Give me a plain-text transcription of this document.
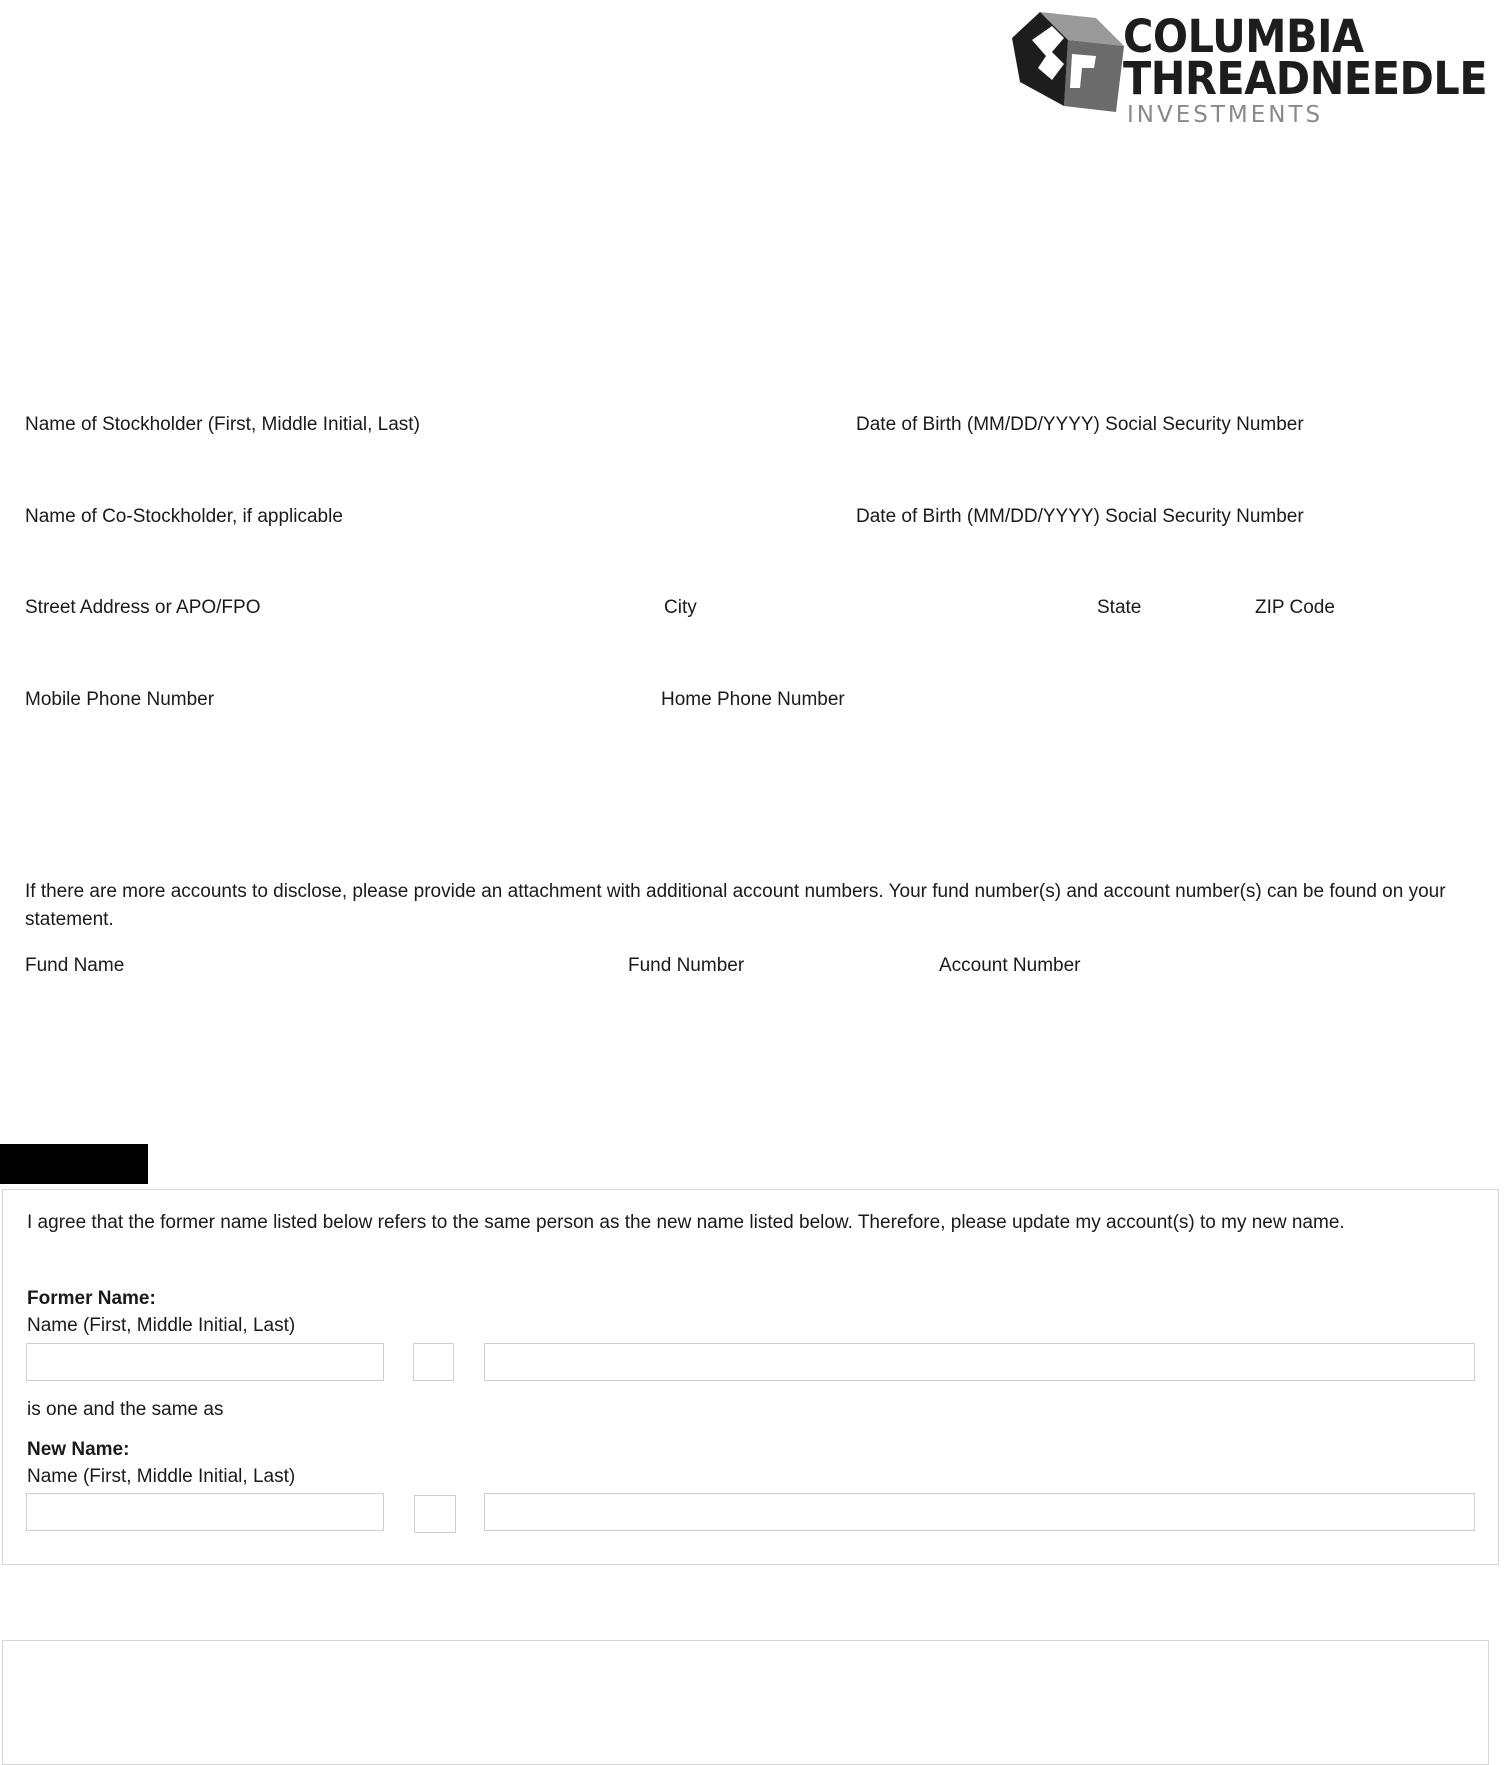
COLUMBIA
THREADNEEDLE
INVESTMENTS
Name of Stockholder (First, Middle Initial, Last)	Date of Birth (MM/DD/YYYY) Social Security Number
Name of Co-Stockholder, if applicable	Date of Birth (MM/DD/YYYY) Social Security Number
Street Address or APO/FPO	City	State	ZIP Code
Mobile Phone Number	Home Phone Number
If there are more accounts to disclose, please provide an attachment with additional account numbers. Your fund number(s) and account number(s) can be found on your statement.
Fund Name	Fund Number	Account Number
I agree that the former name listed below refers to the same person as the new name listed below. Therefore, please update my account(s) to my new name.
Former Name:
Name (First, Middle Initial, Last)
is one and the same as
New Name:
Name (First, Middle Initial, Last)
